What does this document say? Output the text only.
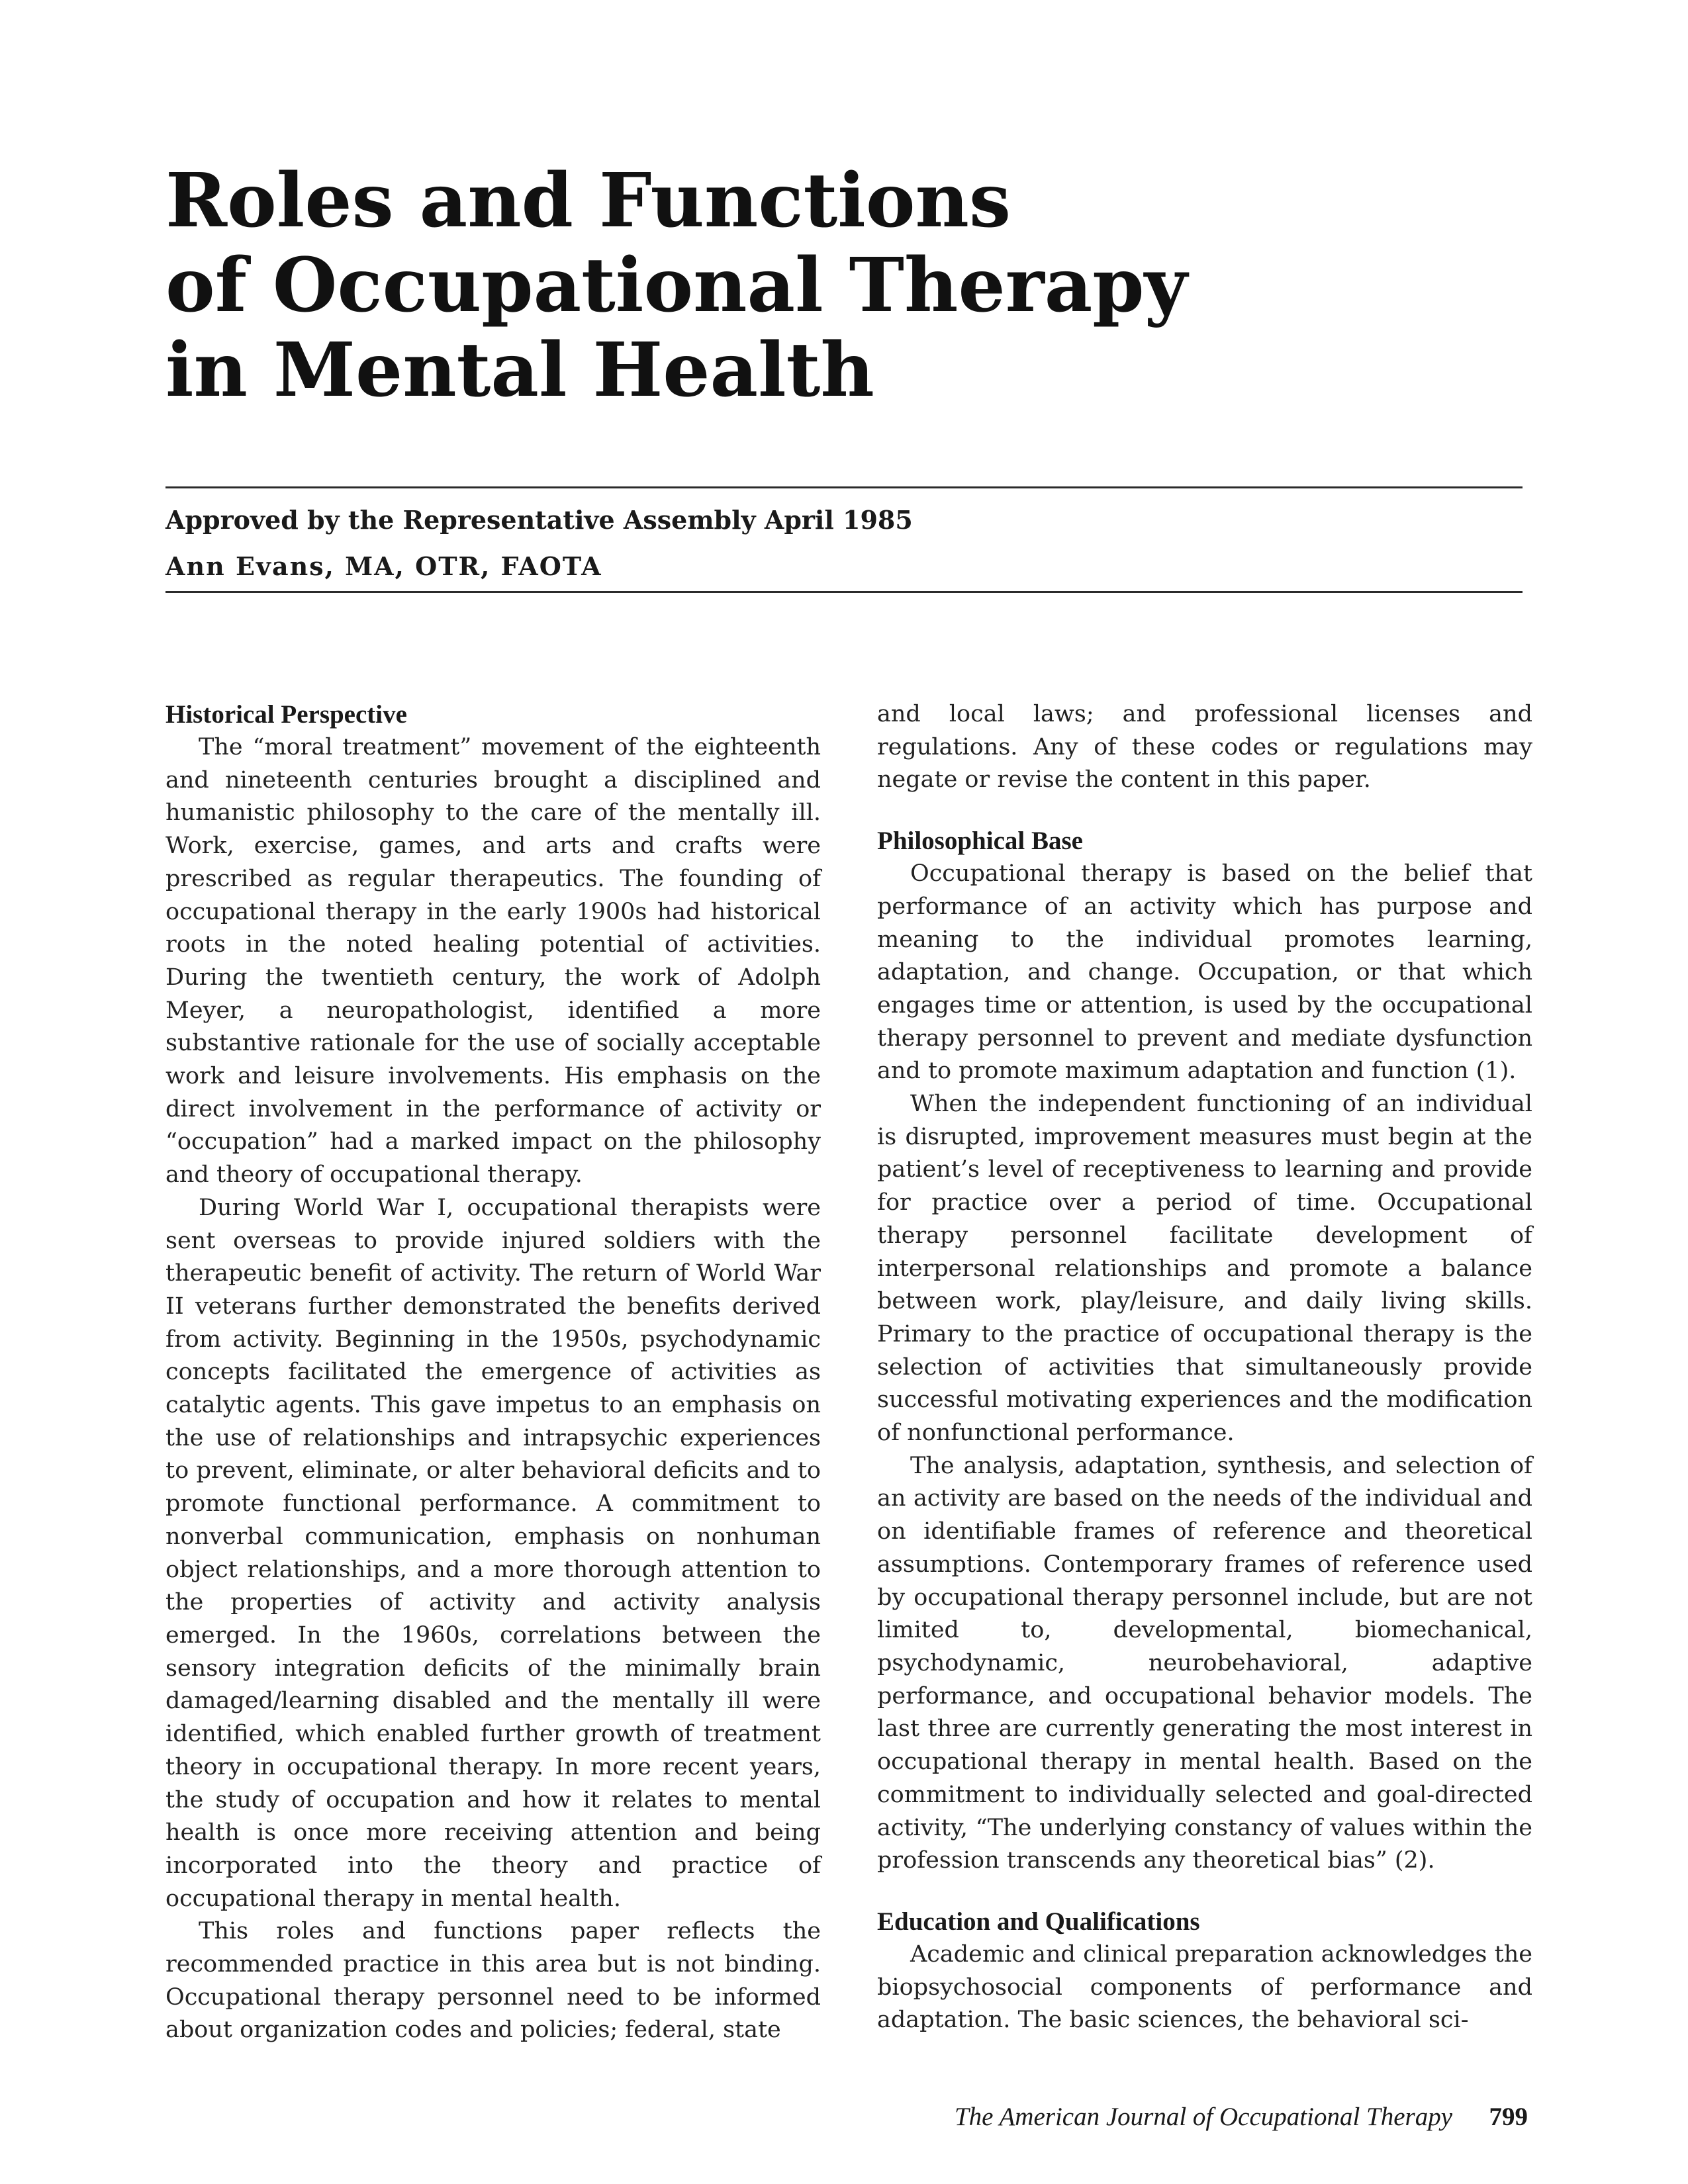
Roles and Functions
of Occupational Therapy
in Mental Health
Approved by the Representative Assembly April 1985
Ann Evans, MA, OTR, FAOTA
Historical Perspective

The “moral treatment” movement of the eighteenth and nineteenth centuries brought a disciplined and humanistic philosophy to the care of the mentally ill. Work, exercise, games, and arts and crafts were prescribed as regular therapeutics. The founding of occupational therapy in the early 1900s had historical roots in the noted healing potential of activities. During the twentieth century, the work of Adolph Meyer, a neuropathologist, identified a more substantive rationale for the use of socially acceptable work and leisure involvements. His emphasis on the direct involvement in the performance of activity or “occupation” had a marked impact on the philosophy and theory of occupational therapy.

During World War I, occupational therapists were sent overseas to provide injured soldiers with the therapeutic benefit of activity. The return of World War II veterans further demonstrated the benefits derived from activity. Beginning in the 1950s, psychodynamic concepts facilitated the emergence of activities as catalytic agents. This gave impetus to an emphasis on the use of relationships and intrapsychic experiences to prevent, eliminate, or alter behavioral deficits and to promote functional performance. A commitment to nonverbal communication, emphasis on nonhuman object relationships, and a more thorough attention to the properties of activity and activity analysis emerged. In the 1960s, correlations between the sensory integration deficits of the minimally brain damaged/learning disabled and the mentally ill were identified, which enabled further growth of treatment theory in occupational therapy. In more recent years, the study of occupation and how it relates to mental health is once more receiving attention and being incorporated into the theory and practice of occupational therapy in mental health.

This roles and functions paper reflects the recommended practice in this area but is not binding. Occupational therapy personnel need to be informed about organization codes and policies; federal, state

and local laws; and professional licenses and regulations. Any of these codes or regulations may negate or revise the content in this paper.

Philosophical Base

Occupational therapy is based on the belief that performance of an activity which has purpose and meaning to the individual promotes learning, adaptation, and change. Occupation, or that which engages time or attention, is used by the occupational therapy personnel to prevent and mediate dysfunction and to promote maximum adaptation and function (1).

When the independent functioning of an individual is disrupted, improvement measures must begin at the patient’s level of receptiveness to learning and provide for practice over a period of time. Occupational therapy personnel facilitate development of interpersonal relationships and promote a balance between work, play/leisure, and daily living skills. Primary to the practice of occupational therapy is the selection of activities that simultaneously provide successful motivating experiences and the modification of nonfunctional performance.

The analysis, adaptation, synthesis, and selection of an activity are based on the needs of the individual and on identifiable frames of reference and theoretical assumptions. Contemporary frames of reference used by occupational therapy personnel include, but are not limited to, developmental, biomechanical, psychodynamic, neurobehavioral, adaptive performance, and occupational behavior models. The last three are currently generating the most interest in occupational therapy in mental health. Based on the commitment to individually selected and goal-directed activity, “The underlying constancy of values within the profession transcends any theoretical bias” (2).

Education and Qualifications

Academic and clinical preparation acknowledges the biopsychosocial components of performance and adaptation. The basic sciences, the behavioral sci-

The American Journal of Occupational Therapy 799
